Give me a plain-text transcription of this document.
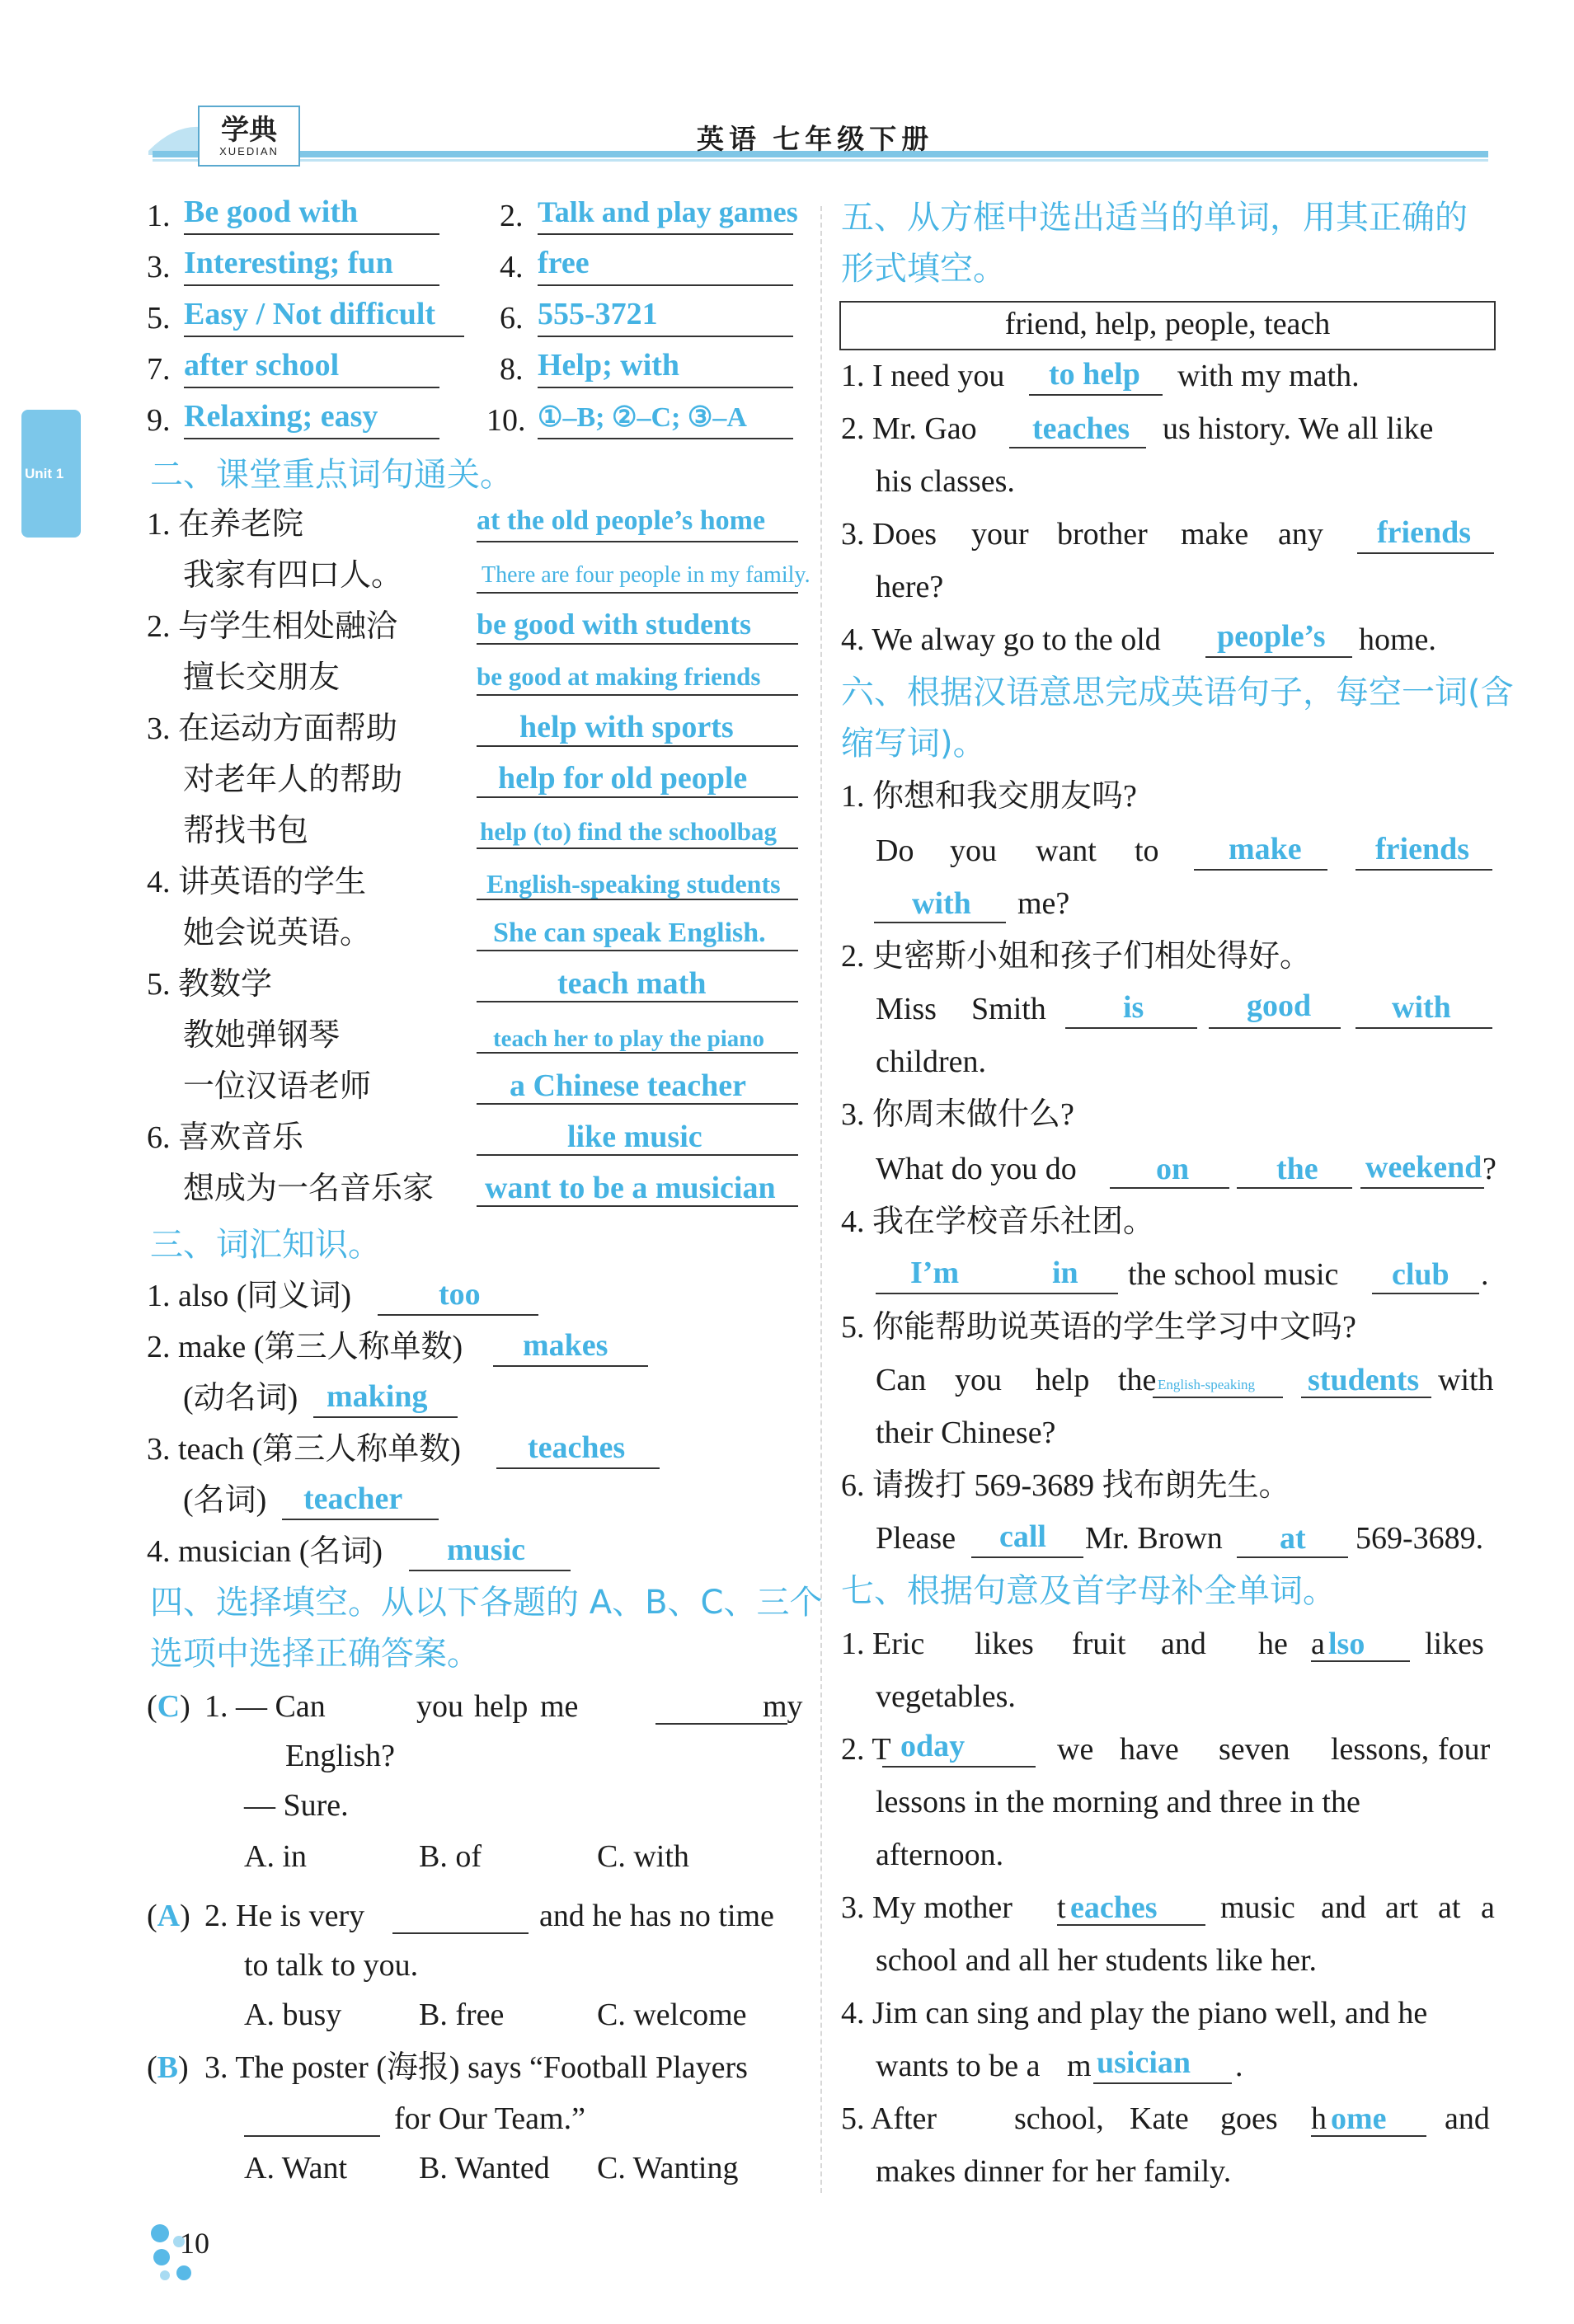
学典
XUEDIAN	英语 七年级下册
Unit 1
1. Be good with	2. Talk and play games
3. Interesting; fun	4. free
5. Easy / Not difficult 6. 555-3721
7. after school	8. Help; with
9. Relaxing; easy	10. ①–B; ②–C; ③–A
二、课堂重点词句通关。
1. 在养老院	at the old people’s home
我家有四口人。	There are four people in my family.
2. 与学生相处融洽	be good with students
擅长交朋友	be good at making friends
3. 在运动方面帮助	help with sports
对老年人的帮助	help for old people
帮找书包	help (to) find the schoolbag
4. 讲英语的学生	English-speaking students
她会说英语。	She can speak English.
5. 教数学	teach math
教她弹钢琴	teach her to play the piano
一位汉语老师	a Chinese teacher
6. 喜欢音乐	like music
想成为一名音乐家 want to be a musician
三、词汇知识。
1. also (同义词)	too
2. make (第三人称单数) makes
(动名词) making
3. teach (第三人称单数) teaches
(名词) teacher
4. musician (名词) music
四、选择填空。从以下各题的 A、B、C、三个
选项中选择正确答案。
(C) 1. — Can	you help me	my
English?
— Sure.
A. in	B. of	C. with
(A) 2. He is very	and he has no time
to talk to you.
A. busy B. free	C. welcome
(B) 3. The poster (海报) says “Football Players
for Our Team.”
A. Want B. Wanted C. Wanting
五、从方框中选出适当的单词，用其正确的
形式填空。
friend, help, people, teach
1. I need you to help with my math.
2. Mr. Gao teaches us history. We all like
his classes.
3. Does your brother make any friends
here?
4. We alway go to the old people’s home.
六、根据汉语意思完成英语句子，每空一词(含
缩写词)。
1. 你想和我交朋友吗?
Do you want to make friends
with me?
2. 史密斯小姐和孩子们相处得好。
Miss Smith is	good	with
children.
3. 你周末做什么?
What do you do	on	the weekend ?
4. 我在学校音乐社团。
I’m	in the school music club .
5. 你能帮助说英语的学生学习中文吗?
Can you help the English-speaking students with
their Chinese?
6. 请拨打 569-3689 找布朗先生。
Please call Mr. Brown at 569-3689.
七、根据句意及首字母补全单词。
1. Eric likes fruit and he a lso likes
vegetables.
2. T oday	we have seven lessons, four
lessons in the morning and three in the
afternoon.
3. My mother t eaches music and art at a
school and all her students like her.
4. Jim can sing and play the piano well, and he
wants to be a m usician .
5. After school, Kate goes h ome and
makes dinner for her family.
10
